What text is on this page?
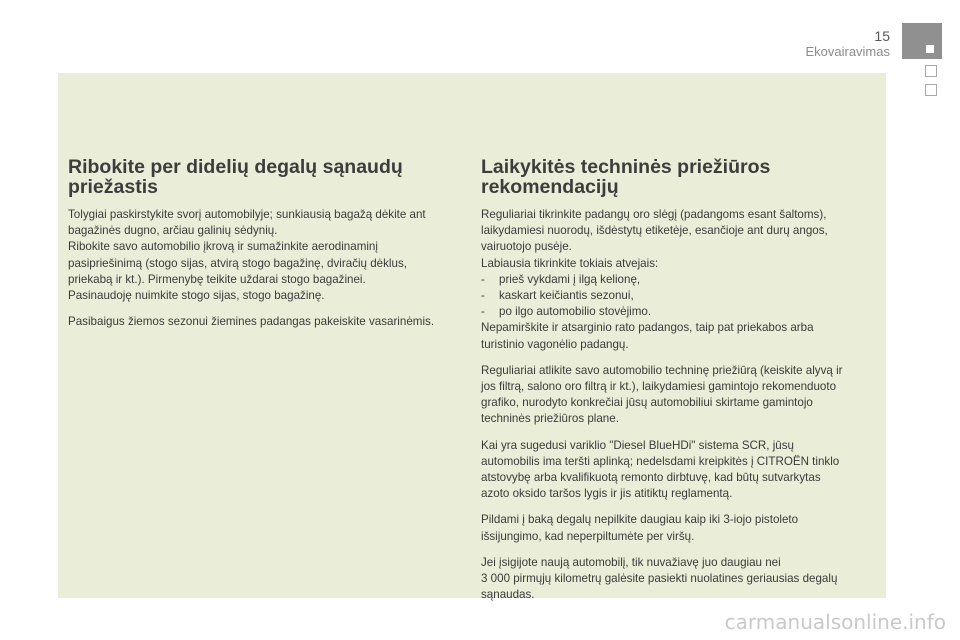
15
Ekovairavimas
Ribokite per didelių degalų sąnaudų
priežastis

Tolygiai paskirstykite svorį automobilyje; sunkiausią bagažą dėkite ant
bagažinės dugno, arčiau galinių sėdynių.
Ribokite savo automobilio įkrovą ir sumažinkite aerodinaminį
pasipriešinimą (stogo sijas, atvirą stogo bagažinę, dviračių dėklus,
priekabą ir kt.). Pirmenybę teikite uždarai stogo bagažinei.
Pasinaudoję nuimkite stogo sijas, stogo bagažinę.

Pasibaigus žiemos sezonui žiemines padangas pakeiskite vasarinėmis.

Laikykitės techninės priežiūros
rekomendacijų

Reguliariai tikrinkite padangų oro slėgį (padangoms esant šaltoms),
laikydamiesi nuorodų, išdėstytų etiketėje, esančioje ant durų angos,
vairuotojo pusėje.
Labiausia tikrinkite tokiais atvejais:

-	prieš vykdami į ilgą kelionę,
-	kaskart keičiantis sezonui,
-	po ilgo automobilio stovėjimo.

Nepamirškite ir atsarginio rato padangos, taip pat priekabos arba
turistinio vagonėlio padangų.

Reguliariai atlikite savo automobilio techninę priežiūrą (keiskite alyvą ir
jos filtrą, salono oro filtrą ir kt.), laikydamiesi gamintojo rekomenduoto
grafiko, nurodyto konkrečiai jūsų automobiliui skirtame gamintojo
techninės priežiūros plane.

Kai yra sugedusi variklio "Diesel BlueHDi" sistema SCR, jūsų
automobilis ima teršti aplinką; nedelsdami kreipkitės į CITROËN tinklo
atstovybę arba kvalifikuotą remonto dirbtuvę, kad būtų sutvarkytas
azoto oksido taršos lygis ir jis atitiktų reglamentą.

Pildami į baką degalų nepilkite daugiau kaip iki 3-iojo pistoleto
išsijungimo, kad neperpiltumėte per viršų.

Jei įsigijote naują automobilį, tik nuvažiavę juo daugiau nei
3 000 pirmųjų kilometrų galėsite pasiekti nuolatines geriausias degalų
sąnaudas.

carmanualsonline.info
